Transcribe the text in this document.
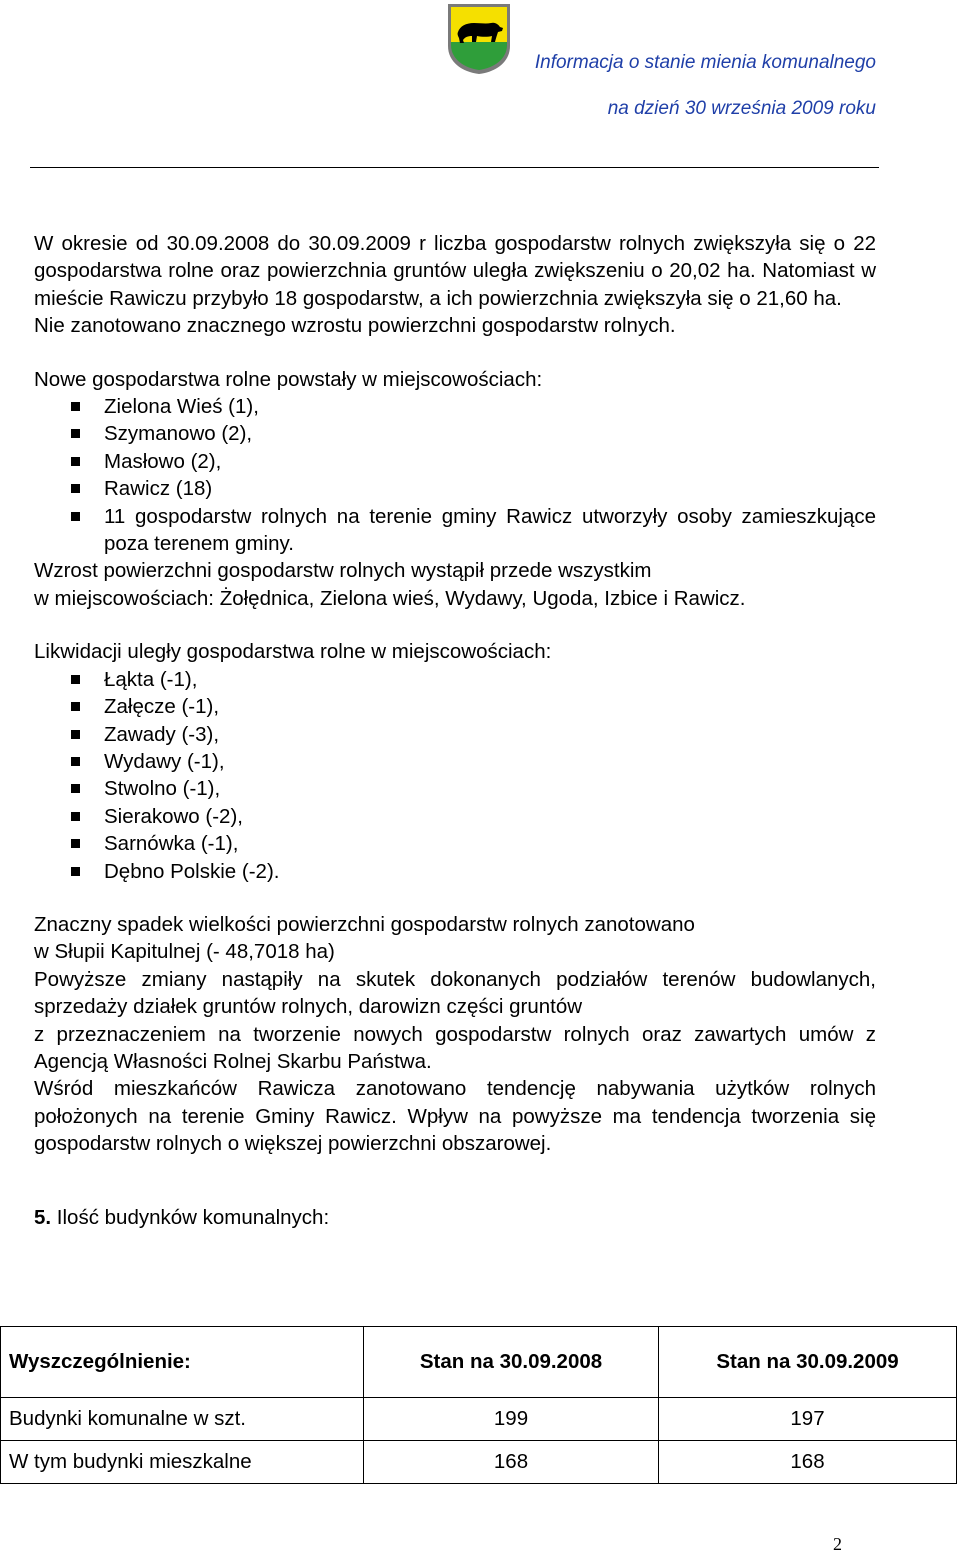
Informacja o stanie mienia komunalnego
na dzień 30 września 2009 roku

W okresie od 30.09.2008 do 30.09.2009 r liczba gospodarstw rolnych zwiększyła się o 22 gospodarstwa rolne oraz powierzchnia gruntów uległa zwiększeniu o 20,02 ha. Natomiast w mieście Rawiczu przybyło 18 gospodarstw, a ich powierzchnia zwiększyła się o 21,60 ha.

Nie zanotowano znacznego wzrostu powierzchni gospodarstw rolnych.

Nowe gospodarstwa rolne powstały w miejscowościach:

Zielona Wieś (1),
Szymanowo (2),
Masłowo (2),
Rawicz (18)
11 gospodarstw rolnych na terenie gminy Rawicz utworzyły osoby zamieszkujące poza terenem gminy.

Wzrost powierzchni gospodarstw rolnych wystąpił przede wszystkim

w miejscowościach: Żołędnica, Zielona wieś, Wydawy, Ugoda, Izbice i Rawicz.

Likwidacji uległy gospodarstwa rolne w miejscowościach:

Łąkta (-1),
Załęcze (-1),
Zawady (-3),
Wydawy (-1),
Stwolno (-1),
Sierakowo (-2),
Sarnówka (-1),
Dębno Polskie (-2).

Znaczny spadek wielkości powierzchni gospodarstw rolnych zanotowano

w Słupii Kapitulnej (- 48,7018 ha)

Powyższe zmiany nastąpiły na skutek dokonanych podziałów terenów budowlanych, sprzedaży działek gruntów rolnych, darowizn części gruntów

z przeznaczeniem na tworzenie nowych gospodarstw rolnych oraz zawartych umów z Agencją Własności Rolnej Skarbu Państwa.

Wśród mieszkańców Rawicza zanotowano tendencję nabywania użytków rolnych położonych na terenie Gminy Rawicz. Wpływ na powyższe ma tendencja tworzenia się gospodarstw rolnych o większej powierzchni obszarowej.

5. Ilość budynków komunalnych:

Wyszczególnienie:	Stan na 30.09.2008	Stan na 30.09.2009
Budynki komunalne w szt.	199	197
W tym budynki mieszkalne	168	168
2
